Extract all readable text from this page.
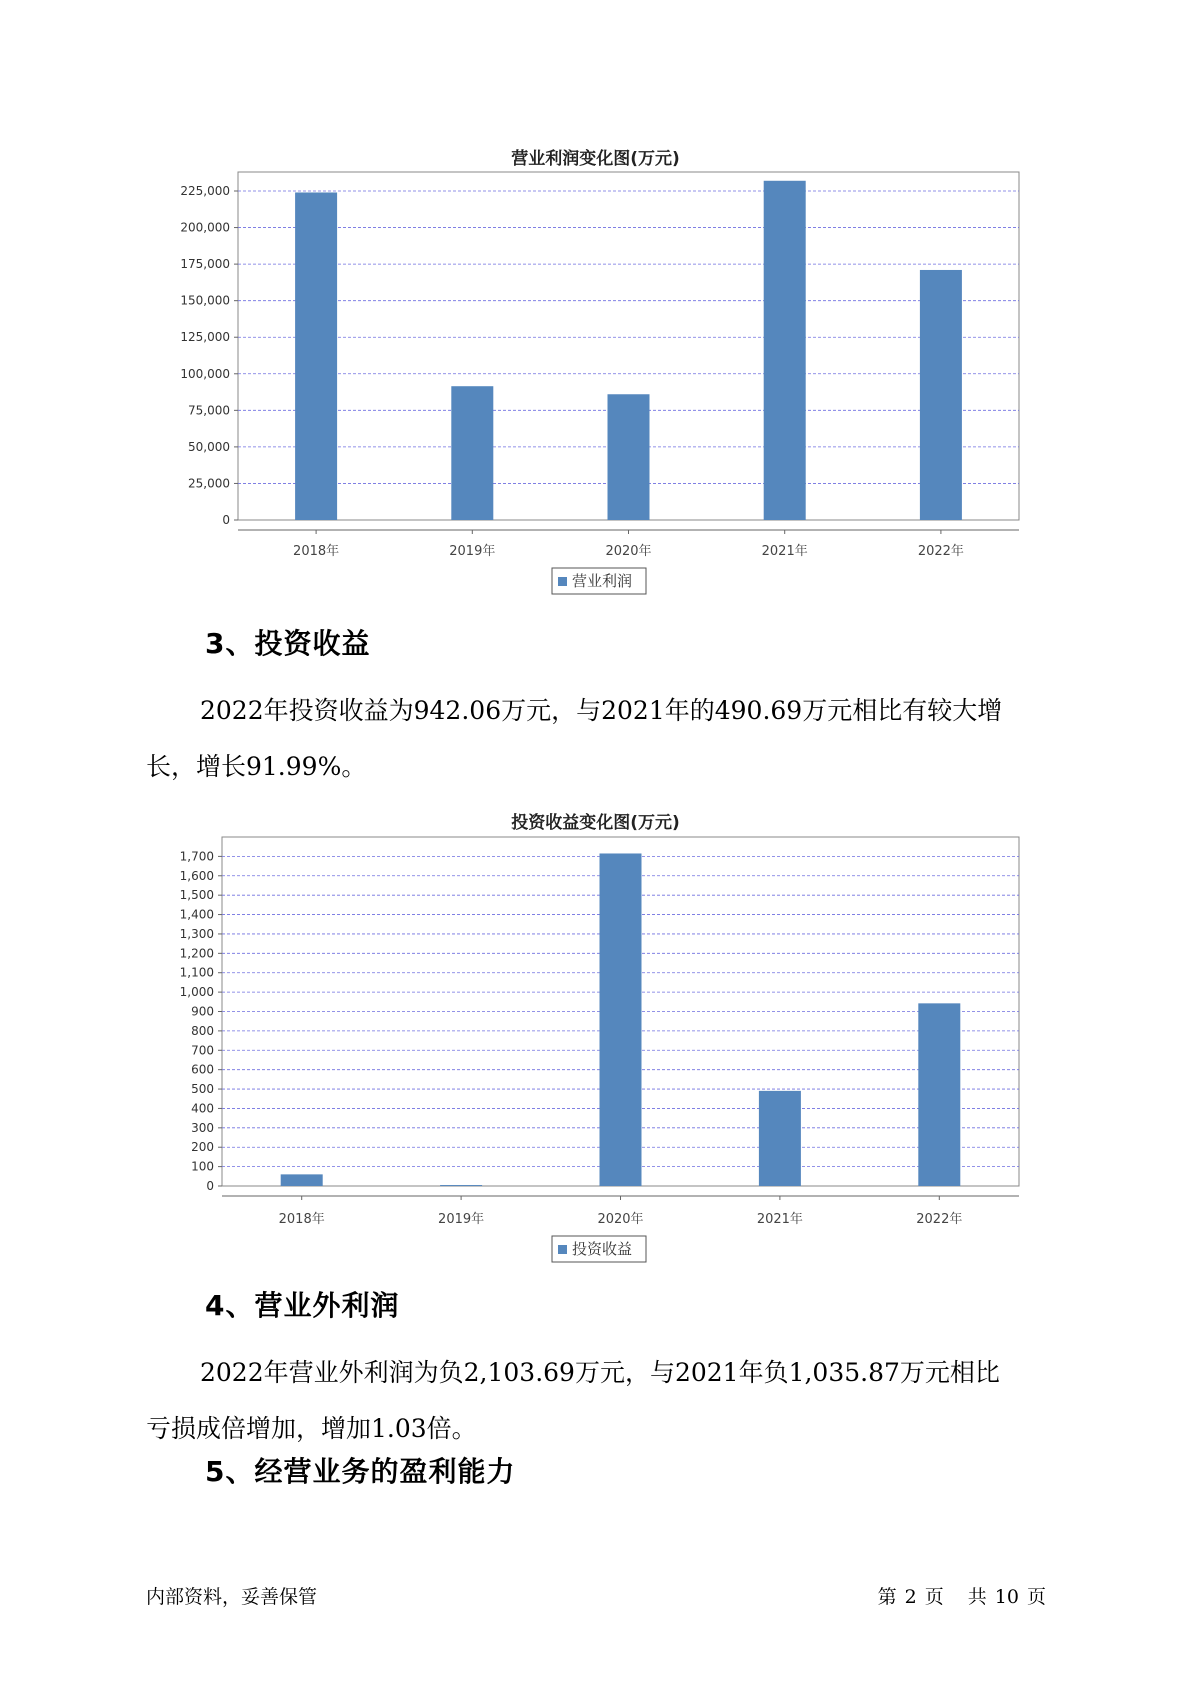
营业利润变化图(万元)
0
25,000
50,000
75,000
100,000
125,000
150,000
175,000
200,000
225,000
2018年	2019年	2020年	2021年	2022年
营业利润
3、投资收益
2022年投资收益为942.06万元，与2021年的490.69万元相比有较大增
长，增长91.99%。
投资收益变化图(万元)
0
100
200
300
400
500
600
700
800
900
1,000
1,100
1,200
1,300
1,400
1,500
1,600
1,700
2018年	2019年	2020年	2021年	2022年
投资收益
4、营业外利润
2022年营业外利润为负2,103.69万元，与2021年负1,035.87万元相比
亏损成倍增加，增加1.03倍。
5、经营业务的盈利能力
内部资料，妥善保管	第 2 页 共 10 页
